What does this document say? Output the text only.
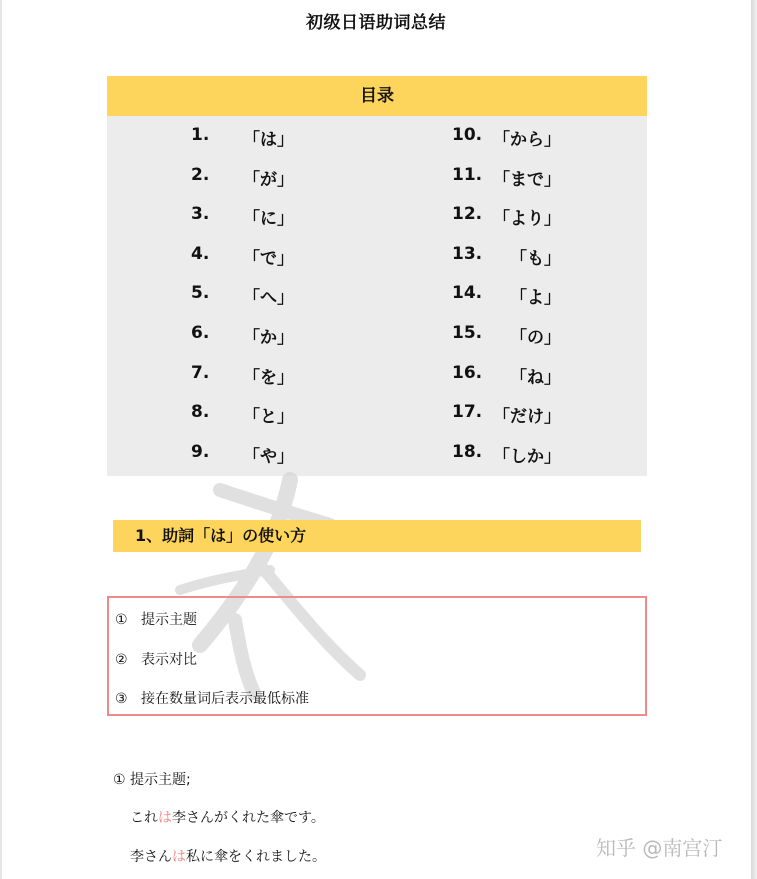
初级日语助词总结
目录
1. 「は」
2. 「が」
3. 「に」
4. 「で」
5. 「へ」
6. 「か」
7. 「を」
8. 「と」
9. 「や」
10. 「から」
11. 「まで」
12. 「より」
13. 「も」
14. 「よ」
15. 「の」
16. 「ね」
17. 「だけ」
18. 「しか」
1、助詞「は」の使い方
① 提示主题
② 表示对比
③ 接在数量词后表示最低标准
① 提示主题;
これは李さんがくれた傘です。
李さんは私に傘をくれました。	知乎 @南宫汀
